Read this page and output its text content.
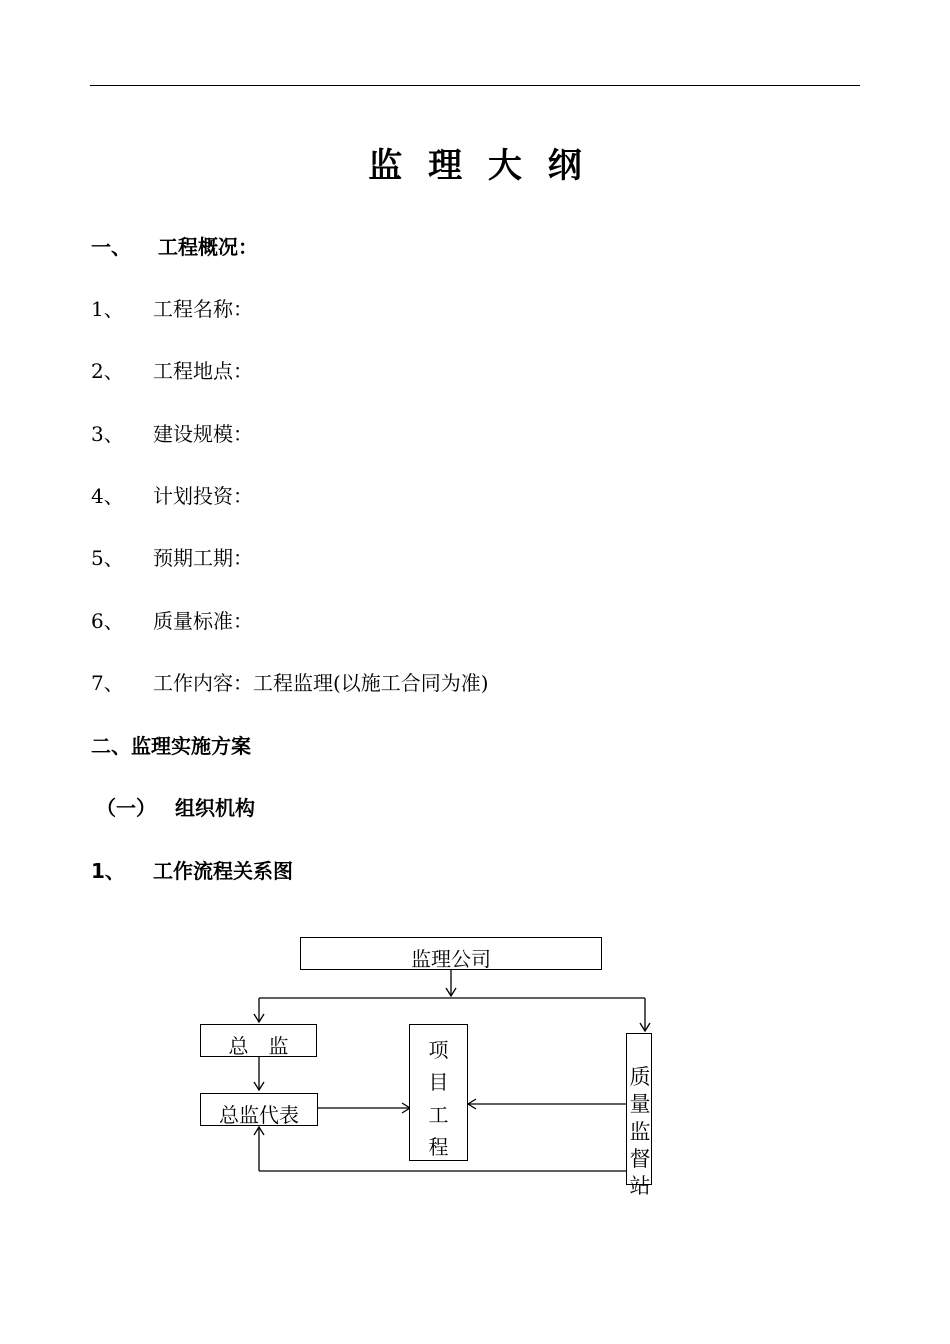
监 理 大 纲
一、 工程概况：
1、 工程名称：
2、 工程地点：
3、 建设规模：
4、 计划投资：
5、 预期工期：
6、 质量标准：
7、 工作内容：工程监理(以施工合同为准)
二、监理实施方案
（一） 组织机构
1、 工作流程关系图
监理公司
总　监
总监代表
项
目
工
程
质
量
监
督
站
